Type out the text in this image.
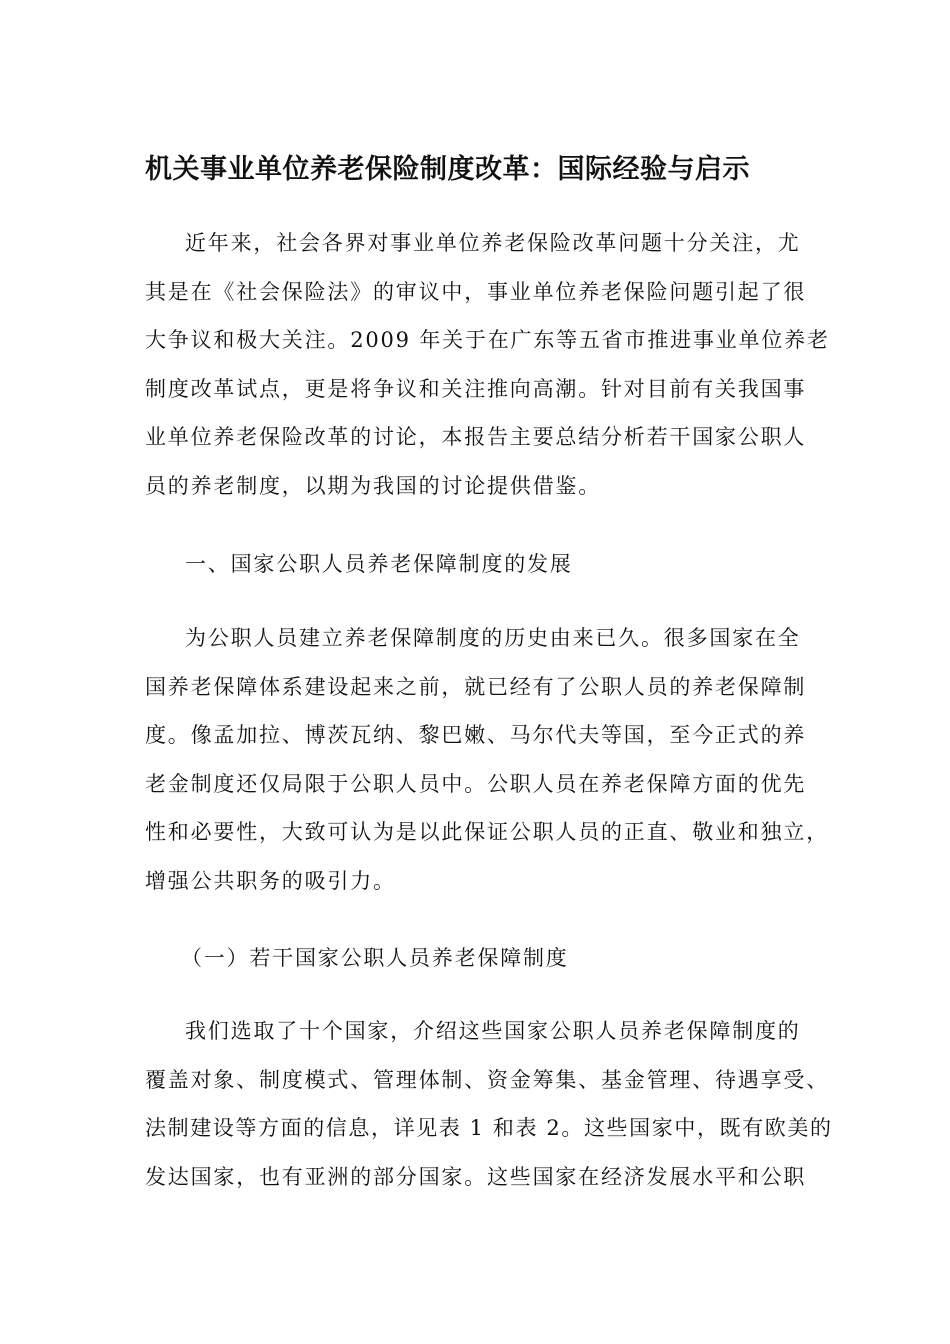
机关事业单位养老保险制度改革：国际经验与启示
近年来，社会各界对事业单位养老保险改革问题十分关注，尤
其是在《社会保险法》的审议中，事业单位养老保险问题引起了很
大争议和极大关注。2009 年关于在广东等五省市推进事业单位养老
制度改革试点，更是将争议和关注推向高潮。针对目前有关我国事
业单位养老保险改革的讨论，本报告主要总结分析若干国家公职人
员的养老制度，以期为我国的讨论提供借鉴。
一、国家公职人员养老保障制度的发展
为公职人员建立养老保障制度的历史由来已久。很多国家在全
国养老保障体系建设起来之前，就已经有了公职人员的养老保障制
度。像孟加拉、博茨瓦纳、黎巴嫩、马尔代夫等国，至今正式的养
老金制度还仅局限于公职人员中。公职人员在养老保障方面的优先
性和必要性，大致可认为是以此保证公职人员的正直、敬业和独立，
增强公共职务的吸引力。
（一）若干国家公职人员养老保障制度
我们选取了十个国家，介绍这些国家公职人员养老保障制度的
覆盖对象、制度模式、管理体制、资金筹集、基金管理、待遇享受、
法制建设等方面的信息，详见表 1 和表 2。这些国家中，既有欧美的
发达国家，也有亚洲的部分国家。这些国家在经济发展水平和公职
